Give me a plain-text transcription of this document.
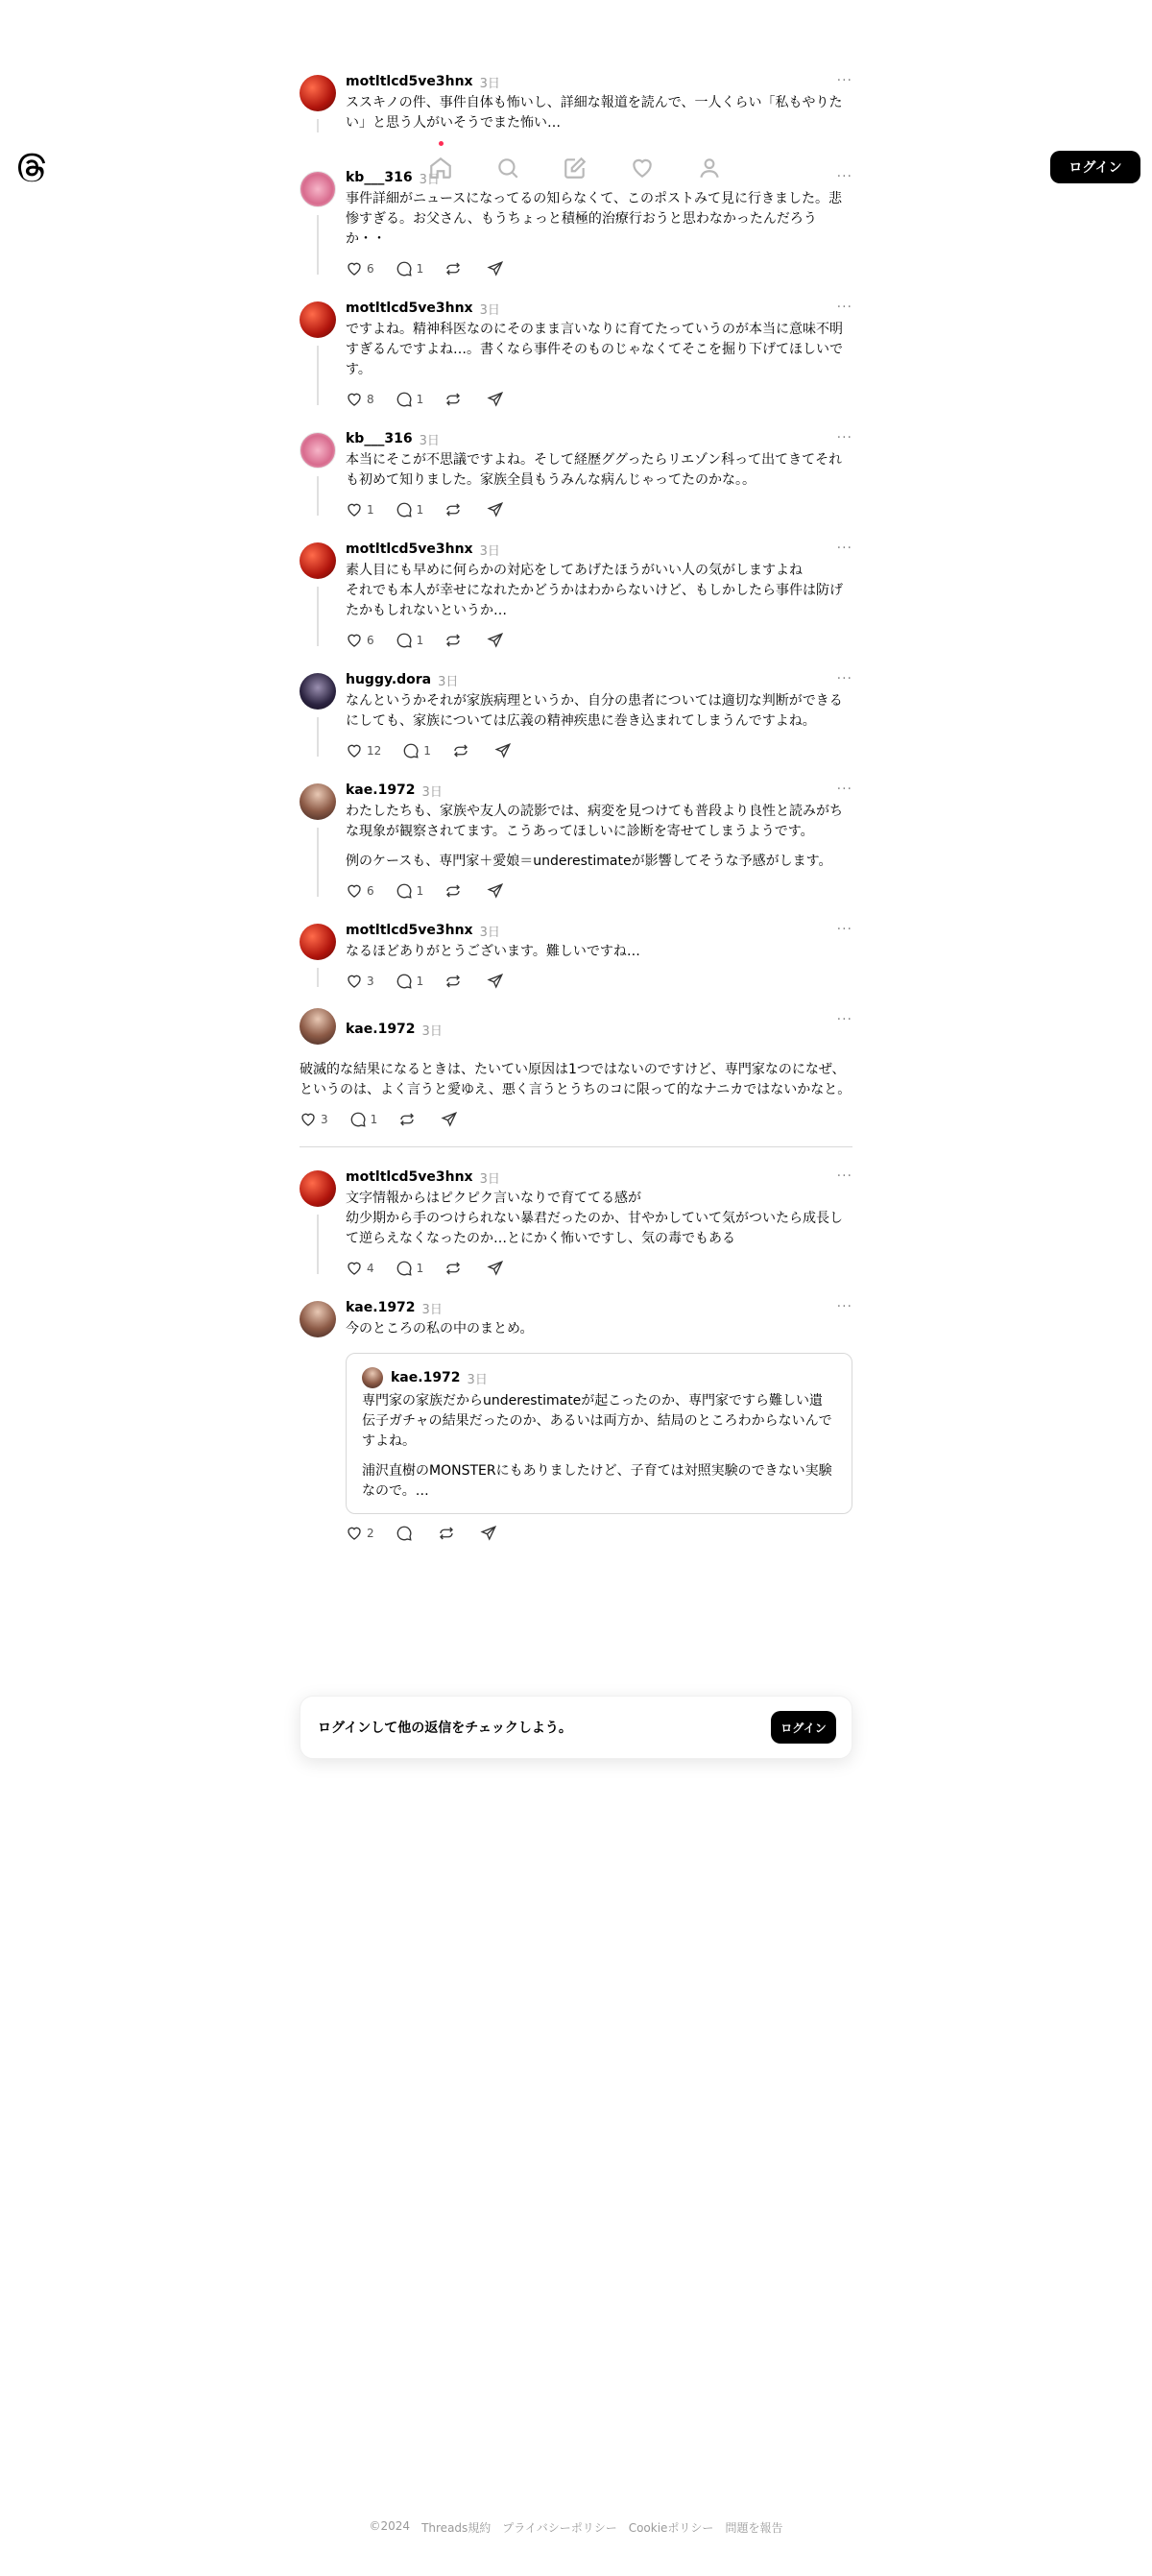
ログイン
motltlcd5ve3hnx 3日	···
ススキノの件、事件自体も怖いし、詳細な報道を読んで、一人くらい「私もやりたい」と思う人がいそうでまた怖い…
kb___316 3日	···
事件詳細がニュースになってるの知らなくて、このポストみて見に行きました。悲惨すぎる。お父さん、もうちょっと積極的治療行おうと思わなかったんだろうか・・
6	1
motltlcd5ve3hnx 3日	···
ですよね。精神科医なのにそのまま言いなりに育てたっていうのが本当に意味不明すぎるんですよね…。書くなら事件そのものじゃなくてそこを掘り下げてほしいです。
8	1
kb___316 3日	···
本当にそこが不思議ですよね。そして経歴ググったらリエゾン科って出てきてそれも初めて知りました。家族全員もうみんな病んじゃってたのかな。。
1	1
motltlcd5ve3hnx 3日	···
素人目にも早めに何らかの対応をしてあげたほうがいい人の気がしますよね
それでも本人が幸せになれたかどうかはわからないけど、もしかしたら事件は防げたかもしれないというか…
6	1
huggy.dora 3日	···
なんというかそれが家族病理というか、自分の患者については適切な判断ができるにしても、家族については広義の精神疾患に巻き込まれてしまうんですよね。
12	1
kae.1972 3日	···
わたしたちも、家族や友人の読影では、病変を見つけても普段より良性と読みがちな現象が観察されてます。こうあってほしいに診断を寄せてしまうようです。
例のケースも、専門家＋愛娘＝underestimateが影響してそうな予感がします。
6	1
motltlcd5ve3hnx 3日	···
なるほどありがとうございます。難しいですね…
3	1
kae.1972 3日
···
破滅的な結果になるときは、たいてい原因は1つではないのですけど、専門家なのになぜ、というのは、よく言うと愛ゆえ、悪く言うとうちのコに限って的なナニカではないかなと。
3	1
motltlcd5ve3hnx 3日	···
文字情報からはピクピク言いなりで育ててる感が
幼少期から手のつけられない暴君だったのか、甘やかしていて気がついたら成長して逆らえなくなったのか…とにかく怖いですし、気の毒でもある
4	1
kae.1972 3日	···
今のところの私の中のまとめ。
kae.1972 3日
専門家の家族だからunderestimateが起こったのか、専門家ですら難しい遺伝子ガチャの結果だったのか、あるいは両方か、結局のところわからないんですよね。
浦沢直樹のMONSTERにもありましたけど、子育ては対照実験のできない実験なので。…
2
ログインして他の返信をチェックしよう。	ログイン
©2024 Threads規約 プライバシーポリシー Cookieポリシー 問題を報告
